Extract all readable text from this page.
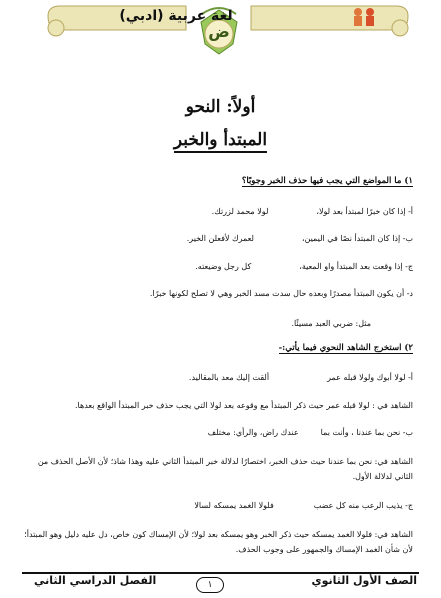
لغة عربية (ادبي)
ض
أولاً: النحو
المبتدأ والخبر
١) ما المواضع التي يجب فيها حذف الخبر وجوبًا؟
أ- إذا كان خبرًا لمبتدأ بعد لولا،لولا محمد لزرتك.
ب- إذا كان المبتدأ نصًا في اليمين،لعمرك لأفعلن الخير.
ج- إذا وقعت بعد المبتدأ واو المعية،كل رجل وضيعته.
د- أن يكون المبتدأ مصدرًا وبعده حال سدت مسد الخبر وهي لا تصلح لكونها خبرًا.
مثل: ضربي العبد مسيئًا.
٢) استخرج الشاهد النحوي فيما يأتي:-
أ- لولا أبوك ولولا قبله عمرألقت إليك معد بالمقاليد.
الشاهد في : لولا قبله عمر حيث ذكر المبتدأ مع وقوعه بعد لولا التي يجب حذف خبر المبتدأ الواقع بعدها.
ب- نحن بما عندنا ، وأنت بماعندك راض، والرأي: مختلف
الشاهد في: نحن بما عندنا حيث حذف الخبر، اختصارًا لدلالة خبر المبتدأ الثاني عليه وهذا شاذ؛ لأن الأصل الحذف من الثاني لدلالة الأول.
ج- يذيب الرعب منه كل عضبفلولا الغمد يمسكه لسالا
الشاهد في: فلولا الغمد يمسكه حيث ذكر الخبر وهو يمسكه بعد لولا؛ لأن الإمساك كون خاص، دل عليه دليل وهو المبتدأ؛ لأن شأن الغمد الإمساك والجمهور على وجوب الحذف.
الصف الأول الثانوي
١
الفصل الدراسي الثاني
